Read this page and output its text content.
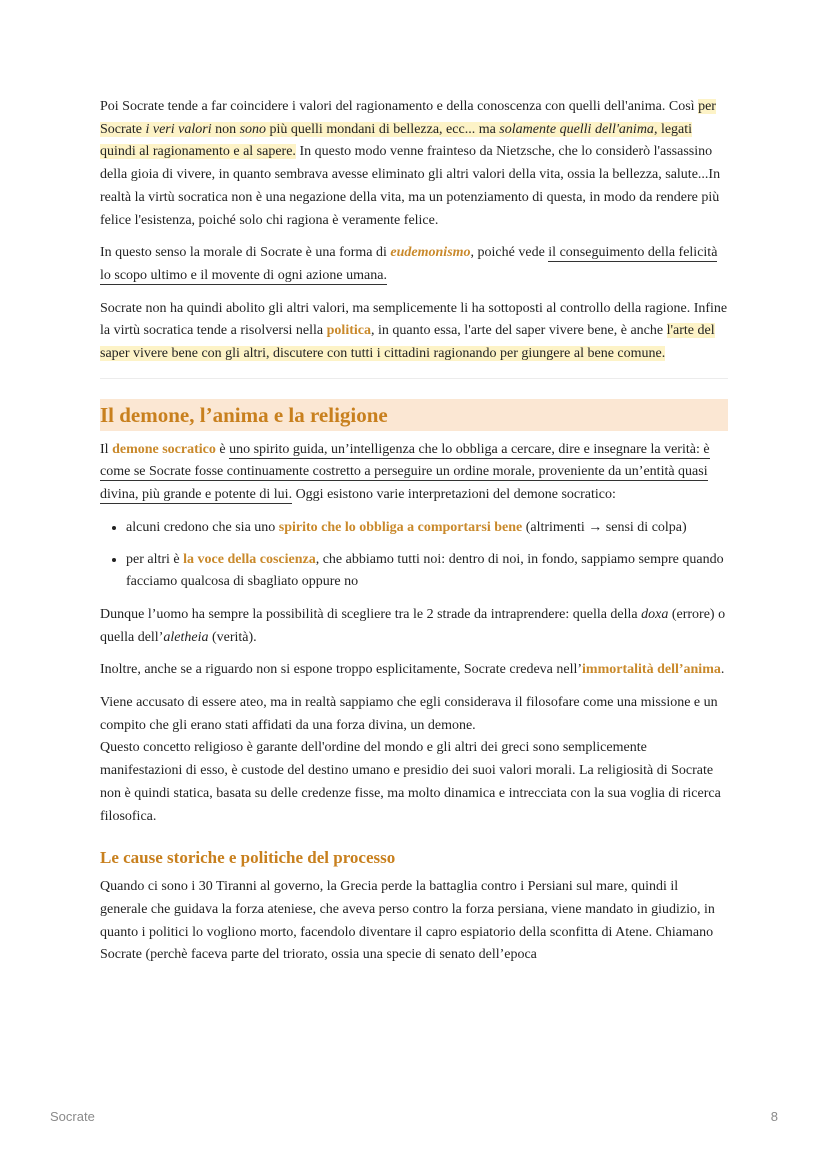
Poi Socrate tende a far coincidere i valori del ragionamento e della conoscenza con quelli dell'anima. Così per Socrate i veri valori non sono più quelli mondani di bellezza, ecc... ma solamente quelli dell'anima, legati quindi al ragionamento e al sapere. In questo modo venne frainteso da Nietzsche, che lo considerò l'assassino della gioia di vivere, in quanto sembrava avesse eliminato gli altri valori della vita, ossia la bellezza, salute...In realtà la virtù socratica non è una negazione della vita, ma un potenziamento di questa, in modo da rendere più felice l'esistenza, poiché solo chi ragiona è veramente felice.

In questo senso la morale di Socrate è una forma di eudemonismo, poiché vede il conseguimento della felicità lo scopo ultimo e il movente di ogni azione umana.

Socrate non ha quindi abolito gli altri valori, ma semplicemente li ha sottoposti al controllo della ragione. Infine la virtù socratica tende a risolversi nella politica, in quanto essa, l'arte del saper vivere bene, è anche l'arte del saper vivere bene con gli altri, discutere con tutti i cittadini ragionando per giungere al bene comune.

Il demone, l’anima e la religione

Il demone socratico è uno spirito guida, un’intelligenza che lo obbliga a cercare, dire e insegnare la verità: è come se Socrate fosse continuamente costretto a perseguire un ordine morale, proveniente da un’entità quasi divina, più grande e potente di lui. Oggi esistono varie interpretazioni del demone socratico:

• alcuni credono che sia uno spirito che lo obbliga a comportarsi bene (altrimenti → sensi di colpa)
• per altri è la voce della coscienza, che abbiamo tutti noi: dentro di noi, in fondo, sappiamo sempre quando facciamo qualcosa di sbagliato oppure no

Dunque l’uomo ha sempre la possibilità di scegliere tra le 2 strade da intraprendere: quella della doxa (errore) o quella dell’aletheia (verità).

Inoltre, anche se a riguardo non si espone troppo esplicitamente, Socrate credeva nell’immortalità dell’anima.

Viene accusato di essere ateo, ma in realtà sappiamo che egli considerava il filosofare come una missione e un compito che gli erano stati affidati da una forza divina, un demone.
Questo concetto religioso è garante dell'ordine del mondo e gli altri dei greci sono semplicemente manifestazioni di esso, è custode del destino umano e presidio dei suoi valori morali. La religiosità di Socrate non è quindi statica, basata su delle credenze fisse, ma molto dinamica e intrecciata con la sua voglia di ricerca filosofica.

Le cause storiche e politiche del processo

Quando ci sono i 30 Tiranni al governo, la Grecia perde la battaglia contro i Persiani sul mare, quindi il generale che guidava la forza ateniese, che aveva perso contro la forza persiana, viene mandato in giudizio, in quanto i politici lo vogliono morto, facendolo diventare il capro espiatorio della sconfitta di Atene. Chiamano Socrate (perchè faceva parte del triorato, ossia una specie di senato dell’epoca

Socrate	8
